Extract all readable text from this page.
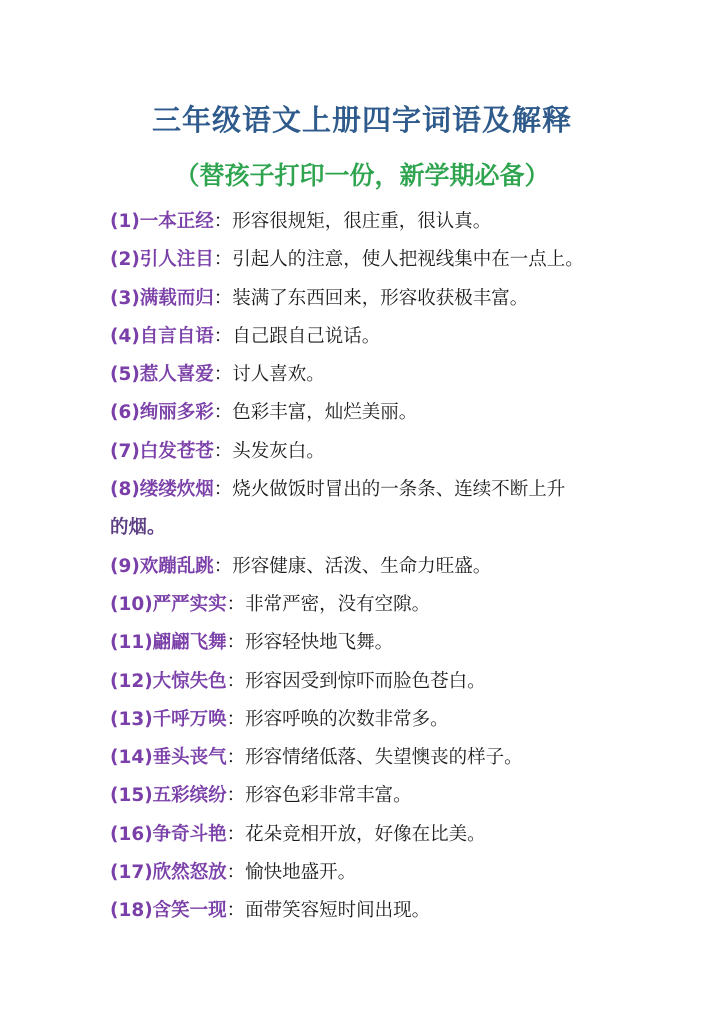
三年级语文上册四字词语及解释
（替孩子打印一份，新学期必备）
(1)一本正经：形容很规矩，很庄重，很认真。
(2)引人注目：引起人的注意，使人把视线集中在一点上。
(3)满载而归：装满了东西回来，形容收获极丰富。
(4)自言自语：自己跟自己说话。
(5)惹人喜爱：讨人喜欢。
(6)绚丽多彩：色彩丰富，灿烂美丽。
(7)白发苍苍：头发灰白。
(8)缕缕炊烟：烧火做饭时冒出的一条条、连续不断上升
的烟。
(9)欢蹦乱跳：形容健康、活泼、生命力旺盛。
(10)严严实实：非常严密，没有空隙。
(11)翩翩飞舞：形容轻快地飞舞。
(12)大惊失色：形容因受到惊吓而脸色苍白。
(13)千呼万唤：形容呼唤的次数非常多。
(14)垂头丧气：形容情绪低落、失望懊丧的样子。
(15)五彩缤纷：形容色彩非常丰富。
(16)争奇斗艳：花朵竞相开放，好像在比美。
(17)欣然怒放：愉快地盛开。
(18)含笑一现：面带笑容短时间出现。
